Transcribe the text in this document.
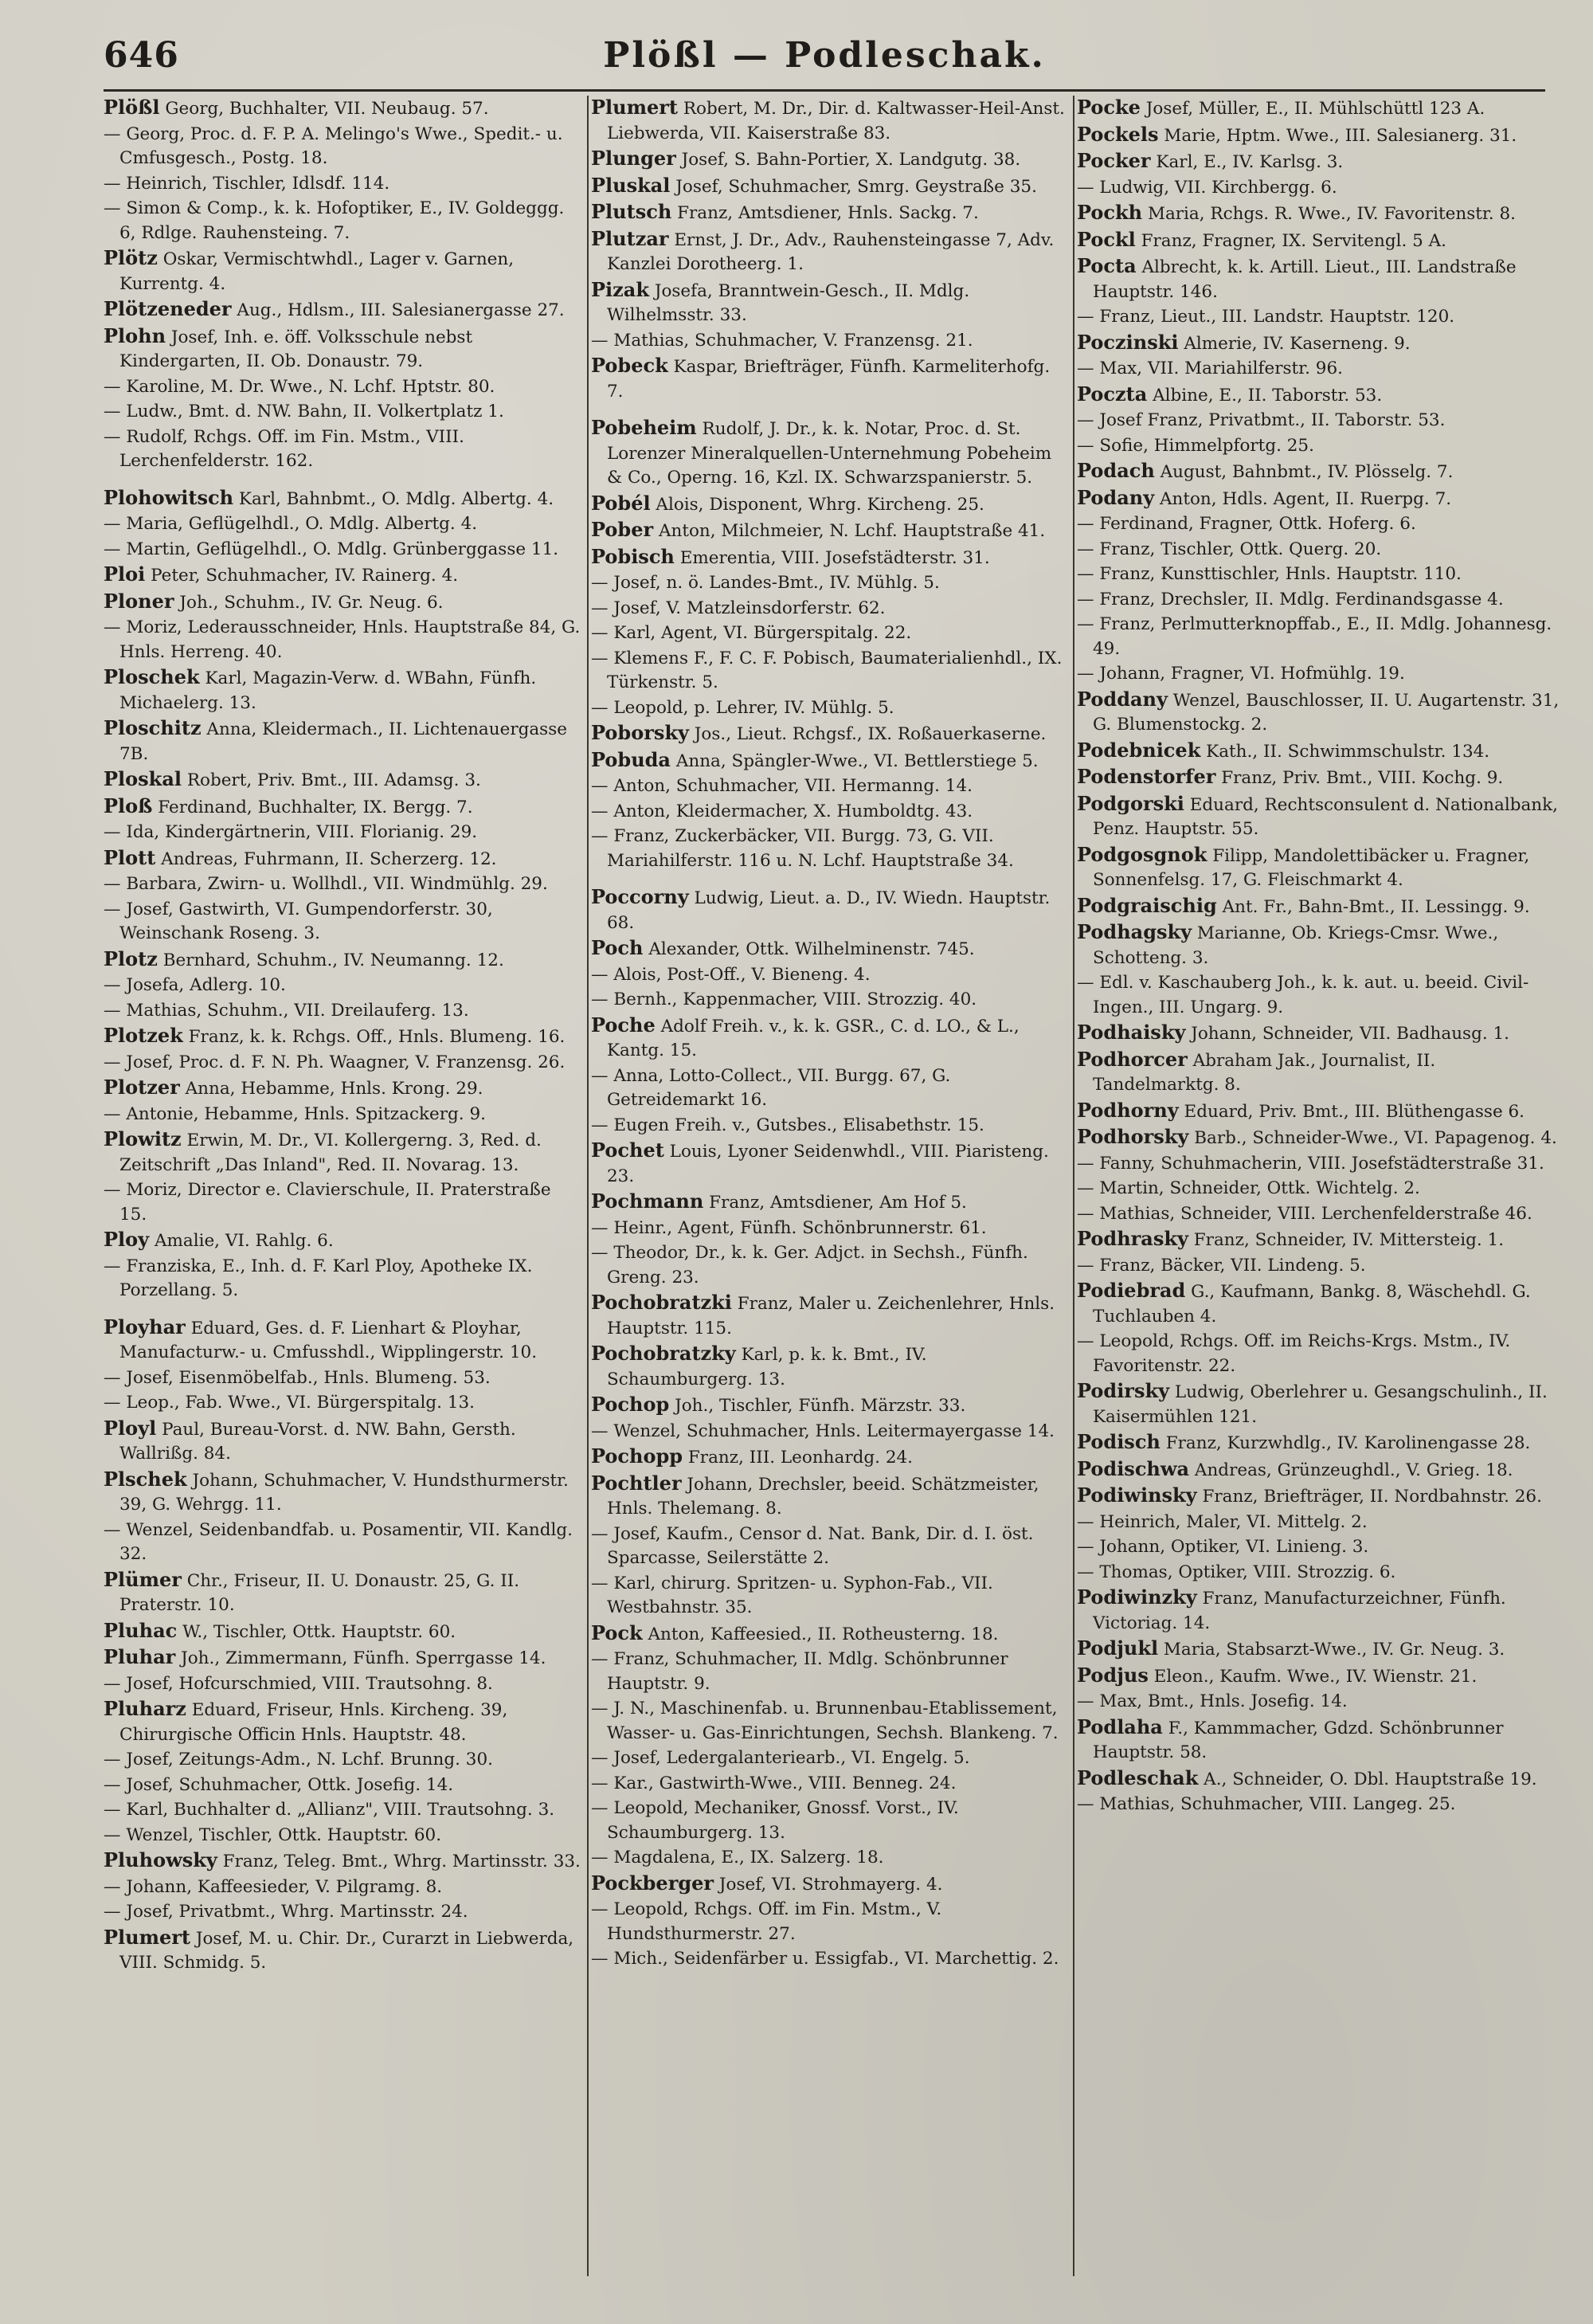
646	Plößl — Podleschak.
Plößl Georg, Buchhalter, VII. Neubaug. 57.
— Georg, Proc. d. F. P. A. Melingo's Wwe., Spedit.- u. Cmfusgesch., Postg. 18.
— Heinrich, Tischler, Idlsdf. 114.
— Simon & Comp., k. k. Hofoptiker, E., IV. Goldeggg. 6, Rdlge. Rauhensteing. 7.
Plötz Oskar, Vermischtwhdl., Lager v. Garnen, Kurrentg. 4.
Plötzeneder Aug., Hdlsm., III. Salesianergasse 27.
Plohn Josef, Inh. e. öff. Volksschule nebst Kindergarten, II. Ob. Donaustr. 79.
— Karoline, M. Dr. Wwe., N. Lchf. Hptstr. 80.
— Ludw., Bmt. d. NW. Bahn, II. Volkertplatz 1.
— Rudolf, Rchgs. Off. im Fin. Mstm., VIII. Lerchenfelderstr. 162.
Plohowitsch Karl, Bahnbmt., O. Mdlg. Albertg. 4.
— Maria, Geflügelhdl., O. Mdlg. Albertg. 4.
— Martin, Geflügelhdl., O. Mdlg. Grünberggasse 11.
Ploi Peter, Schuhmacher, IV. Rainerg. 4.
Ploner Joh., Schuhm., IV. Gr. Neug. 6.
— Moriz, Lederausschneider, Hnls. Hauptstraße 84, G. Hnls. Herreng. 40.
Ploschek Karl, Magazin-Verw. d. WBahn, Fünfh. Michaelerg. 13.
Ploschitz Anna, Kleidermach., II. Lichtenauergasse 7B.
Ploskal Robert, Priv. Bmt., III. Adamsg. 3.
Ploß Ferdinand, Buchhalter, IX. Bergg. 7.
— Ida, Kindergärtnerin, VIII. Florianig. 29.
Plott Andreas, Fuhrmann, II. Scherzerg. 12.
— Barbara, Zwirn- u. Wollhdl., VII. Windmühlg. 29.
— Josef, Gastwirth, VI. Gumpendorferstr. 30, Weinschank Roseng. 3.
Plotz Bernhard, Schuhm., IV. Neumanng. 12.
— Josefa, Adlerg. 10.
— Mathias, Schuhm., VII. Dreilauferg. 13.
Plotzek Franz, k. k. Rchgs. Off., Hnls. Blumeng. 16.
— Josef, Proc. d. F. N. Ph. Waagner, V. Franzensg. 26.
Plotzer Anna, Hebamme, Hnls. Krong. 29.
— Antonie, Hebamme, Hnls. Spitzackerg. 9.
Plowitz Erwin, M. Dr., VI. Kollergerng. 3, Red. d. Zeitschrift „Das Inland", Red. II. Novarag. 13.
— Moriz, Director e. Clavierschule, II. Praterstraße 15.
Ploy Amalie, VI. Rahlg. 6.
— Franziska, E., Inh. d. F. Karl Ploy, Apotheke IX. Porzellang. 5.
Ployhar Eduard, Ges. d. F. Lienhart & Ployhar, Manufacturw.- u. Cmfusshdl., Wipplingerstr. 10.
— Josef, Eisenmöbelfab., Hnls. Blumeng. 53.
— Leop., Fab. Wwe., VI. Bürgerspitalg. 13.
Ployl Paul, Bureau-Vorst. d. NW. Bahn, Gersth. Wallrißg. 84.
Plschek Johann, Schuhmacher, V. Hundsthurmerstr. 39, G. Wehrgg. 11.
— Wenzel, Seidenbandfab. u. Posamentir, VII. Kandlg. 32.
Plümer Chr., Friseur, II. U. Donaustr. 25, G. II. Praterstr. 10.
Pluhac W., Tischler, Ottk. Hauptstr. 60.
Pluhar Joh., Zimmermann, Fünfh. Sperrgasse 14.
— Josef, Hofcurschmied, VIII. Trautsohng. 8.
Pluharz Eduard, Friseur, Hnls. Kircheng. 39, Chirurgische Officin Hnls. Hauptstr. 48.
— Josef, Zeitungs-Adm., N. Lchf. Brunng. 30.
— Josef, Schuhmacher, Ottk. Josefig. 14.
— Karl, Buchhalter d. „Allianz", VIII. Trautsohng. 3.
— Wenzel, Tischler, Ottk. Hauptstr. 60.
Pluhowsky Franz, Teleg. Bmt., Whrg. Martinsstr. 33.
— Johann, Kaffeesieder, V. Pilgramg. 8.
— Josef, Privatbmt., Whrg. Martinsstr. 24.
Plumert Josef, M. u. Chir. Dr., Curarzt in Liebwerda, VIII. Schmidg. 5.
Plumert Robert, M. Dr., Dir. d. Kaltwasser-Heil-Anst. Liebwerda, VII. Kaiserstraße 83.
Plunger Josef, S. Bahn-Portier, X. Landgutg. 38.
Pluskal Josef, Schuhmacher, Smrg. Geystraße 35.
Plutsch Franz, Amtsdiener, Hnls. Sackg. 7.
Plutzar Ernst, J. Dr., Adv., Rauhensteingasse 7, Adv. Kanzlei Dorotheerg. 1.
Pizak Josefa, Branntwein-Gesch., II. Mdlg. Wilhelmsstr. 33.
— Mathias, Schuhmacher, V. Franzensg. 21.
Pobeck Kaspar, Briefträger, Fünfh. Karmeliterhofg. 7.
Pobeheim Rudolf, J. Dr., k. k. Notar, Proc. d. St. Lorenzer Mineralquellen-Unternehmung Pobeheim & Co., Operng. 16, Kzl. IX. Schwarzspanierstr. 5.
Pobél Alois, Disponent, Whrg. Kircheng. 25.
Pober Anton, Milchmeier, N. Lchf. Hauptstraße 41.
Pobisch Emerentia, VIII. Josefstädterstr. 31.
— Josef, n. ö. Landes-Bmt., IV. Mühlg. 5.
— Josef, V. Matzleinsdorferstr. 62.
— Karl, Agent, VI. Bürgerspitalg. 22.
— Klemens F., F. C. F. Pobisch, Baumaterialienhdl., IX. Türkenstr. 5.
— Leopold, p. Lehrer, IV. Mühlg. 5.
Poborsky Jos., Lieut. Rchgsf., IX. Roßauerkaserne.
Pobuda Anna, Spängler-Wwe., VI. Bettlerstiege 5.
— Anton, Schuhmacher, VII. Hermanng. 14.
— Anton, Kleidermacher, X. Humboldtg. 43.
— Franz, Zuckerbäcker, VII. Burgg. 73, G. VII. Mariahilferstr. 116 u. N. Lchf. Hauptstraße 34.
Poccorny Ludwig, Lieut. a. D., IV. Wiedn. Hauptstr. 68.
Poch Alexander, Ottk. Wilhelminenstr. 745.
— Alois, Post-Off., V. Bieneng. 4.
— Bernh., Kappenmacher, VIII. Strozzig. 40.
Poche Adolf Freih. v., k. k. GSR., C. d. LO., & L., Kantg. 15.
— Anna, Lotto-Collect., VII. Burgg. 67, G. Getreidemarkt 16.
— Eugen Freih. v., Gutsbes., Elisabethstr. 15.
Pochet Louis, Lyoner Seidenwhdl., VIII. Piaristeng. 23.
Pochmann Franz, Amtsdiener, Am Hof 5.
— Heinr., Agent, Fünfh. Schönbrunnerstr. 61.
— Theodor, Dr., k. k. Ger. Adjct. in Sechsh., Fünfh. Greng. 23.
Pochobratzki Franz, Maler u. Zeichenlehrer, Hnls. Hauptstr. 115.
Pochobratzky Karl, p. k. k. Bmt., IV. Schaumburgerg. 13.
Pochop Joh., Tischler, Fünfh. Märzstr. 33.
— Wenzel, Schuhmacher, Hnls. Leitermayergasse 14.
Pochopp Franz, III. Leonhardg. 24.
Pochtler Johann, Drechsler, beeid. Schätzmeister, Hnls. Thelemang. 8.
— Josef, Kaufm., Censor d. Nat. Bank, Dir. d. I. öst. Sparcasse, Seilerstätte 2.
— Karl, chirurg. Spritzen- u. Syphon-Fab., VII. Westbahnstr. 35.
Pock Anton, Kaffeesied., II. Rotheusterng. 18.
— Franz, Schuhmacher, II. Mdlg. Schönbrunner Hauptstr. 9.
— J. N., Maschinenfab. u. Brunnenbau-Etablissement, Wasser- u. Gas-Einrichtungen, Sechsh. Blankeng. 7.
— Josef, Ledergalanteriearb., VI. Engelg. 5.
— Kar., Gastwirth-Wwe., VIII. Benneg. 24.
— Leopold, Mechaniker, Gnossf. Vorst., IV. Schaumburgerg. 13.
— Magdalena, E., IX. Salzerg. 18.
Pockberger Josef, VI. Strohmayerg. 4.
— Leopold, Rchgs. Off. im Fin. Mstm., V. Hundsthurmerstr. 27.
— Mich., Seidenfärber u. Essigfab., VI. Marchettig. 2.
Pocke Josef, Müller, E., II. Mühlschüttl 123 A.
Pockels Marie, Hptm. Wwe., III. Salesianerg. 31.
Pocker Karl, E., IV. Karlsg. 3.
— Ludwig, VII. Kirchbergg. 6.
Pockh Maria, Rchgs. R. Wwe., IV. Favoritenstr. 8.
Pockl Franz, Fragner, IX. Servitengl. 5 A.
Pocta Albrecht, k. k. Artill. Lieut., III. Landstraße Hauptstr. 146.
— Franz, Lieut., III. Landstr. Hauptstr. 120.
Poczinski Almerie, IV. Kaserneng. 9.
— Max, VII. Mariahilferstr. 96.
Poczta Albine, E., II. Taborstr. 53.
— Josef Franz, Privatbmt., II. Taborstr. 53.
— Sofie, Himmelpfortg. 25.
Podach August, Bahnbmt., IV. Plösselg. 7.
Podany Anton, Hdls. Agent, II. Ruerpg. 7.
— Ferdinand, Fragner, Ottk. Hoferg. 6.
— Franz, Tischler, Ottk. Querg. 20.
— Franz, Kunsttischler, Hnls. Hauptstr. 110.
— Franz, Drechsler, II. Mdlg. Ferdinandsgasse 4.
— Franz, Perlmutterknopffab., E., II. Mdlg. Johannesg. 49.
— Johann, Fragner, VI. Hofmühlg. 19.
Poddany Wenzel, Bauschlosser, II. U. Augartenstr. 31, G. Blumenstockg. 2.
Podebnicek Kath., II. Schwimmschulstr. 134.
Podenstorfer Franz, Priv. Bmt., VIII. Kochg. 9.
Podgorski Eduard, Rechtsconsulent d. Nationalbank, Penz. Hauptstr. 55.
Podgosgnok Filipp, Mandolettibäcker u. Fragner, Sonnenfelsg. 17, G. Fleischmarkt 4.
Podgraischig Ant. Fr., Bahn-Bmt., II. Lessingg. 9.
Podhagsky Marianne, Ob. Kriegs-Cmsr. Wwe., Schotteng. 3.
— Edl. v. Kaschauberg Joh., k. k. aut. u. beeid. Civil-Ingen., III. Ungarg. 9.
Podhaisky Johann, Schneider, VII. Badhausg. 1.
Podhorcer Abraham Jak., Journalist, II. Tandelmarktg. 8.
Podhorny Eduard, Priv. Bmt., III. Blüthengasse 6.
Podhorsky Barb., Schneider-Wwe., VI. Papagenog. 4.
— Fanny, Schuhmacherin, VIII. Josefstädterstraße 31.
— Martin, Schneider, Ottk. Wichtelg. 2.
— Mathias, Schneider, VIII. Lerchenfelderstraße 46.
Podhrasky Franz, Schneider, IV. Mittersteig. 1.
— Franz, Bäcker, VII. Lindeng. 5.
Podiebrad G., Kaufmann, Bankg. 8, Wäschehdl. G. Tuchlauben 4.
— Leopold, Rchgs. Off. im Reichs-Krgs. Mstm., IV. Favoritenstr. 22.
Podirsky Ludwig, Oberlehrer u. Gesangschulinh., II. Kaisermühlen 121.
Podisch Franz, Kurzwhdlg., IV. Karolinengasse 28.
Podischwa Andreas, Grünzeughdl., V. Grieg. 18.
Podiwinsky Franz, Briefträger, II. Nordbahnstr. 26.
— Heinrich, Maler, VI. Mittelg. 2.
— Johann, Optiker, VI. Linieng. 3.
— Thomas, Optiker, VIII. Strozzig. 6.
Podiwinzky Franz, Manufacturzeichner, Fünfh. Victoriag. 14.
Podjukl Maria, Stabsarzt-Wwe., IV. Gr. Neug. 3.
Podjus Eleon., Kaufm. Wwe., IV. Wienstr. 21.
— Max, Bmt., Hnls. Josefig. 14.
Podlaha F., Kammmacher, Gdzd. Schönbrunner Hauptstr. 58.
Podleschak A., Schneider, O. Dbl. Hauptstraße 19.
— Mathias, Schuhmacher, VIII. Langeg. 25.
